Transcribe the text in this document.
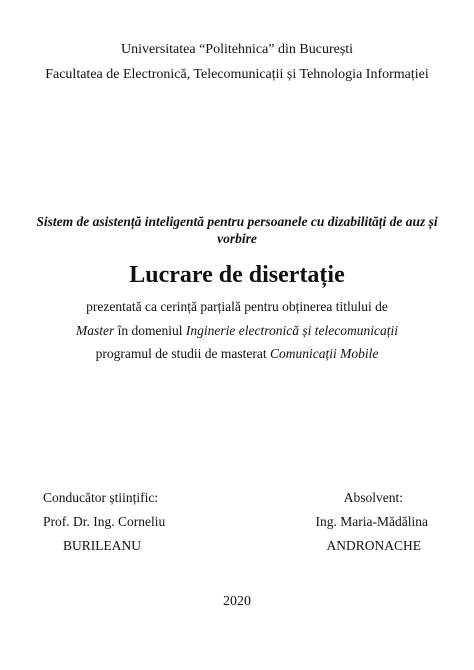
Universitatea “Politehnica” din București
Facultatea de Electronică, Telecomunicații și Tehnologia Informației
Sistem de asistență inteligentă pentru persoanele cu dizabilități de auz și vorbire
Lucrare de disertație
prezentată ca cerință parțială pentru obținerea titlului de
Master în domeniul Inginerie electronică și telecomunicații
programul de studii de masterat Comunicații Mobile
Conducător științific:
Prof. Dr. Ing. Corneliu
BURILEANU
Absolvent:
Ing. Maria-Mădălina
ANDRONACHE
2020
